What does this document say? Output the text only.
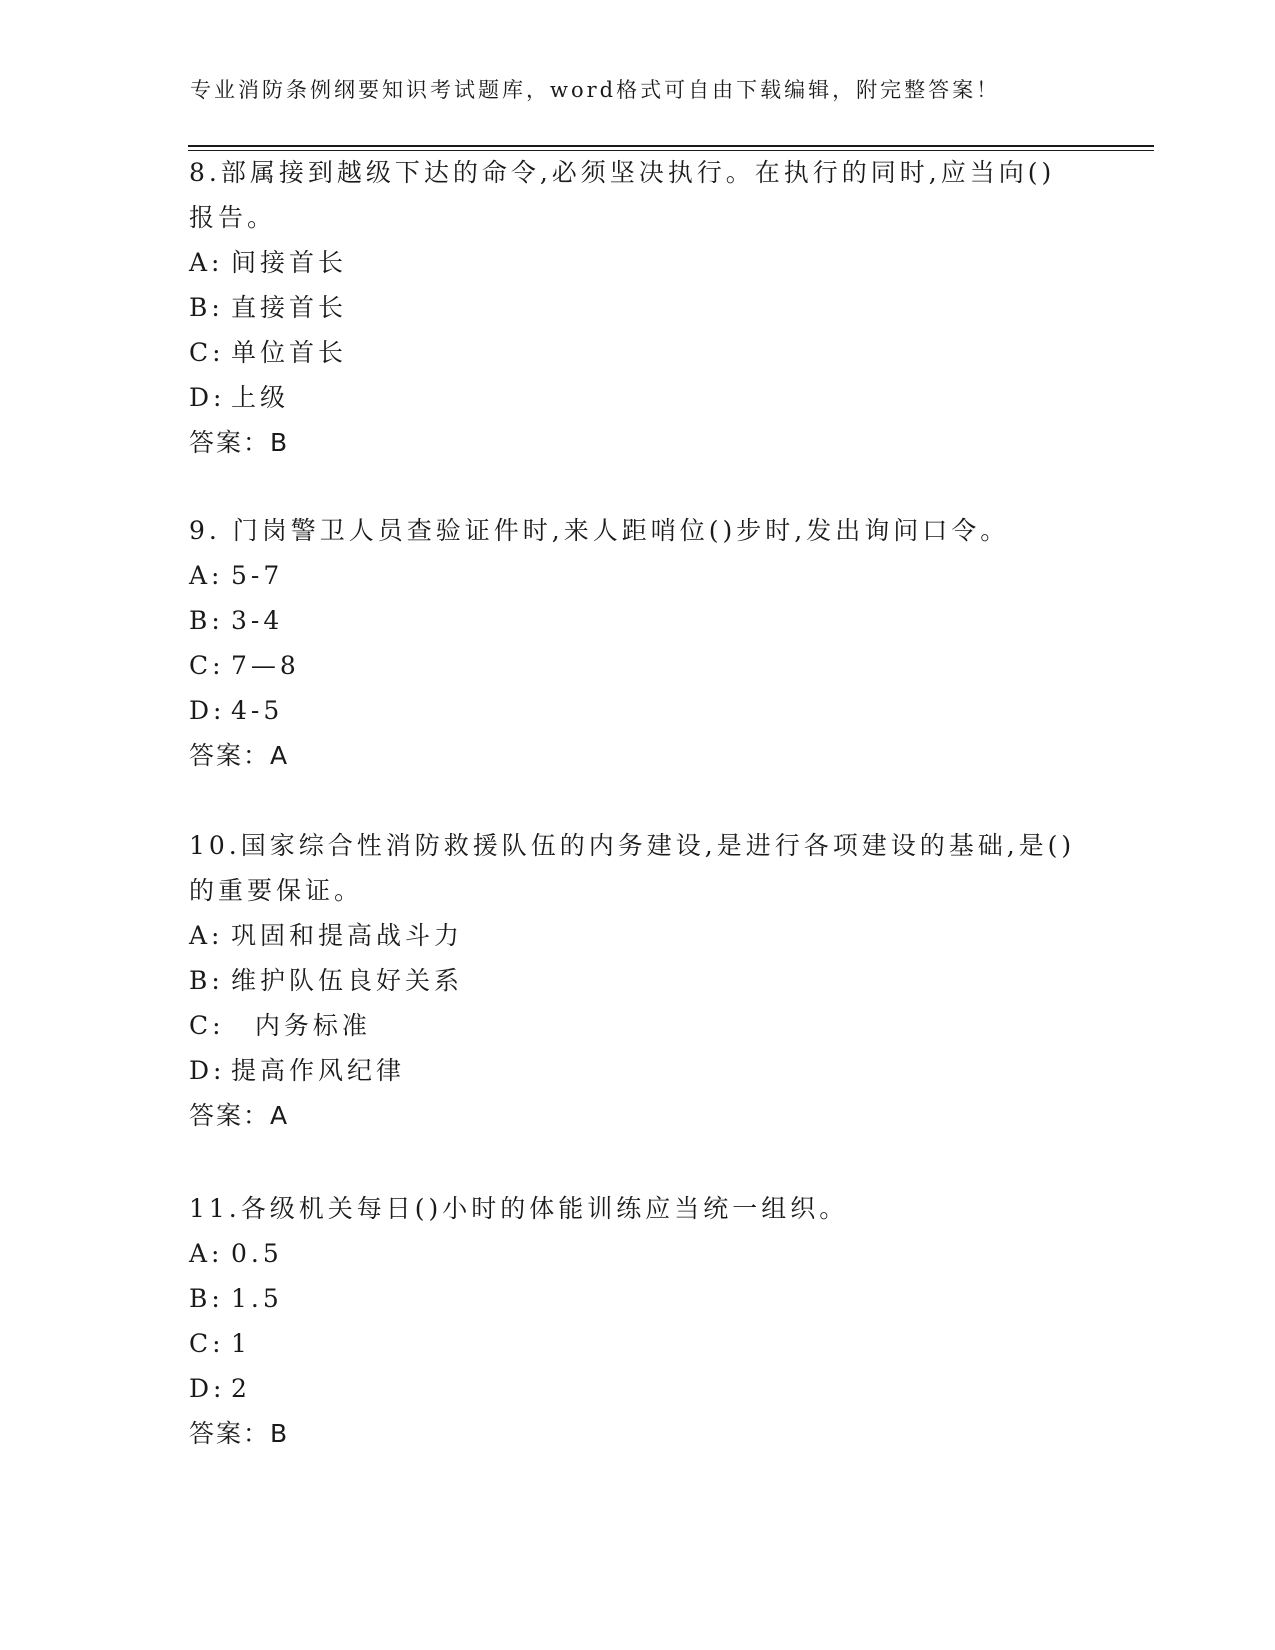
专业消防条例纲要知识考试题库，word格式可自由下载编辑，附完整答案！
8.部属接到越级下达的命令,必须坚决执行。在执行的同时,应当向()
报告。
A: 间接首长
B: 直接首长
C: 单位首长
D: 上级
答案：B
9. 门岗警卫人员查验证件时,来人距哨位()步时,发出询问口令。
A: 5-7
B: 3-4
C: 7—8
D: 4-5
答案：A
10.国家综合性消防救援队伍的内务建设,是进行各项建设的基础,是()
的重要保证。
A: 巩固和提高战斗力
B: 维护队伍良好关系
C:  内务标准
D: 提高作风纪律
答案：A
11.各级机关每日()小时的体能训练应当统一组织。
A: 0.5
B: 1.5
C: 1
D: 2
答案：B
